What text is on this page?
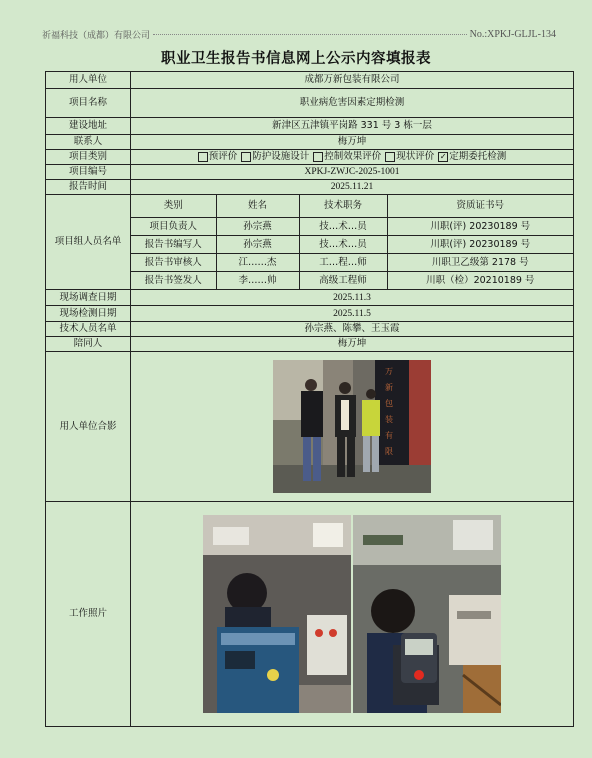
祈福科技（成都）有限公司	No.:XPKJ-GLJL-134
职业卫生报告书信息网上公示内容填报表
用人单位	成都万新包装有限公司
项目名称	职业病危害因素定期检测
建设地址	新津区五津镇平岗路 331 号 3 栋一层
联系人	梅万坤
项目类别	预评价 防护设施设计 控制效果评价 现状评价 ✓ 定期委托检测

项目编号	XPKJ-ZWJC-2025-1001
报告时间	2025.11.21
项目组人员名单	
类别	姓名	技术职务	资质证书号
项目负责人	孙宗燕	技…术…员	川职(评) 20230189 号
报告书编写人	孙宗燕	技…术…员	川职(评) 20230189 号
报告书审核人	江……杰	工…程…师	川职卫乙级第 2178 号
报告书签发人	李……帅	高级工程师	川职（检）20210189 号

现场调查日期	2025.11.3
现场检测日期	2025.11.5
技术人员名单	孙宗燕、陈攀、王玉霞
陪同人	梅万坤
用人单位合影	
万
新
包
装
有
限

工作照片	
